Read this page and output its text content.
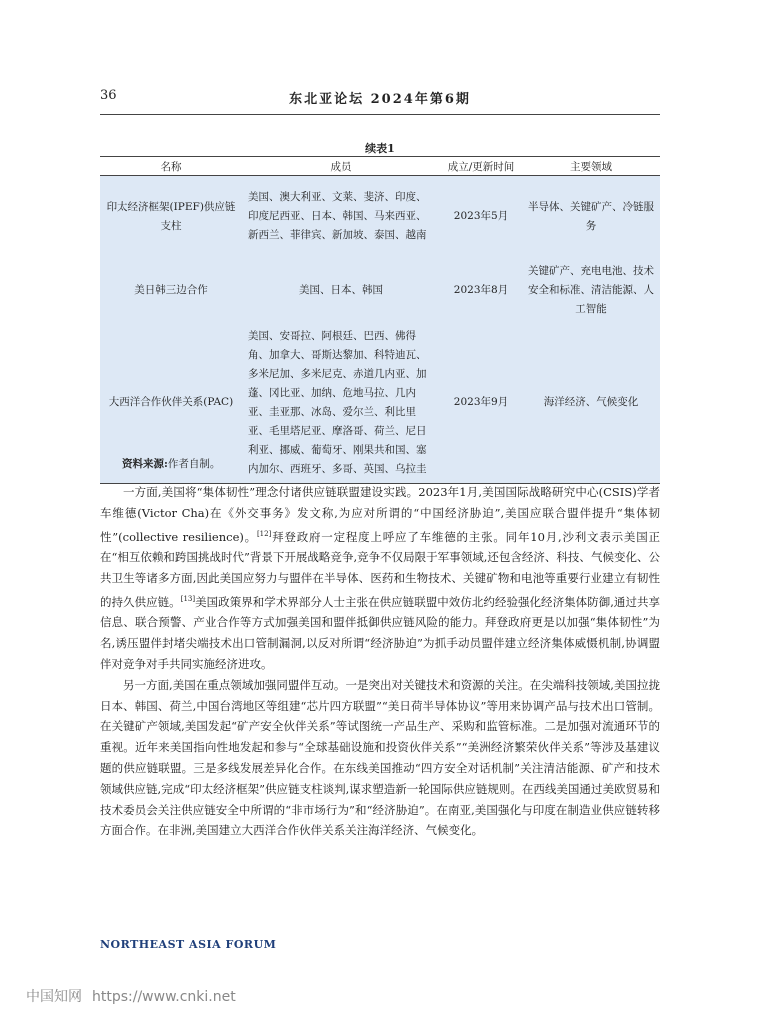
36	东北亚论坛 2024年第6期
续表1
名称	成员	成立/更新时间	主要领域
印太经济框架(IPEF)供应链支柱	美国、澳大利亚、文莱、斐济、印度、印度尼西亚、日本、韩国、马来西亚、新西兰、菲律宾、新加坡、泰国、越南	2023年5月	半导体、关键矿产、冷链服务
美日韩三边合作	美国、日本、韩国	2023年8月	关键矿产、充电电池、技术安全和标准、清洁能源、人工智能
大西洋合作伙伴关系(PAC)	美国、安哥拉、阿根廷、巴西、佛得角、加拿大、哥斯达黎加、科特迪瓦、多米尼加、多米尼克、赤道几内亚、加蓬、冈比亚、加纳、危地马拉、几内亚、圭亚那、冰岛、爱尔兰、利比里亚、毛里塔尼亚、摩洛哥、荷兰、尼日利亚、挪威、葡萄牙、刚果共和国、塞内加尔、西班牙、多哥、英国、乌拉圭	2023年9月	海洋经济、气候变化
资料来源:作者自制。

一方面,美国将“集体韧性”理念付诸供应链联盟建设实践。2023年1月,美国国际战略研究中心(CSIS)学者车维德(Victor Cha)在《外交事务》发文称,为应对所谓的“中国经济胁迫”,美国应联合盟伴提升“集体韧性”(collective resilience)。[12]拜登政府一定程度上呼应了车维德的主张。同年10月,沙利文表示美国正在“相互依赖和跨国挑战时代”背景下开展战略竞争,竞争不仅局限于军事领域,还包含经济、科技、气候变化、公共卫生等诸多方面,因此美国应努力与盟伴在半导体、医药和生物技术、关键矿物和电池等重要行业建立有韧性的持久供应链。[13]美国政策界和学术界部分人士主张在供应链联盟中效仿北约经验强化经济集体防御,通过共享信息、联合预警、产业合作等方式加强美国和盟伴抵御供应链风险的能力。拜登政府更是以加强“集体韧性”为名,诱压盟伴封堵尖端技术出口管制漏洞,以反对所谓“经济胁迫”为抓手动员盟伴建立经济集体威慑机制,协调盟伴对竞争对手共同实施经济进攻。

另一方面,美国在重点领域加强同盟伴互动。一是突出对关键技术和资源的关注。在尖端科技领域,美国拉拢日本、韩国、荷兰,中国台湾地区等组建“芯片四方联盟”“美日荷半导体协议”等用来协调产品与技术出口管制。在关键矿产领域,美国发起“矿产安全伙伴关系”等试图统一产品生产、采购和监管标准。二是加强对流通环节的重视。近年来美国指向性地发起和参与“全球基础设施和投资伙伴关系”“美洲经济繁荣伙伴关系”等涉及基建议题的供应链联盟。三是多线发展差异化合作。在东线美国推动“四方安全对话机制”关注清洁能源、矿产和技术领域供应链,完成“印太经济框架”供应链支柱谈判,谋求塑造新一轮国际供应链规则。在西线美国通过美欧贸易和技术委员会关注供应链安全中所谓的“非市场行为”和“经济胁迫”。在南亚,美国强化与印度在制造业供应链转移方面合作。在非洲,美国建立大西洋合作伙伴关系关注海洋经济、气候变化。

NORTHEAST ASIA FORUM
中国知网 https://www.cnki.net
